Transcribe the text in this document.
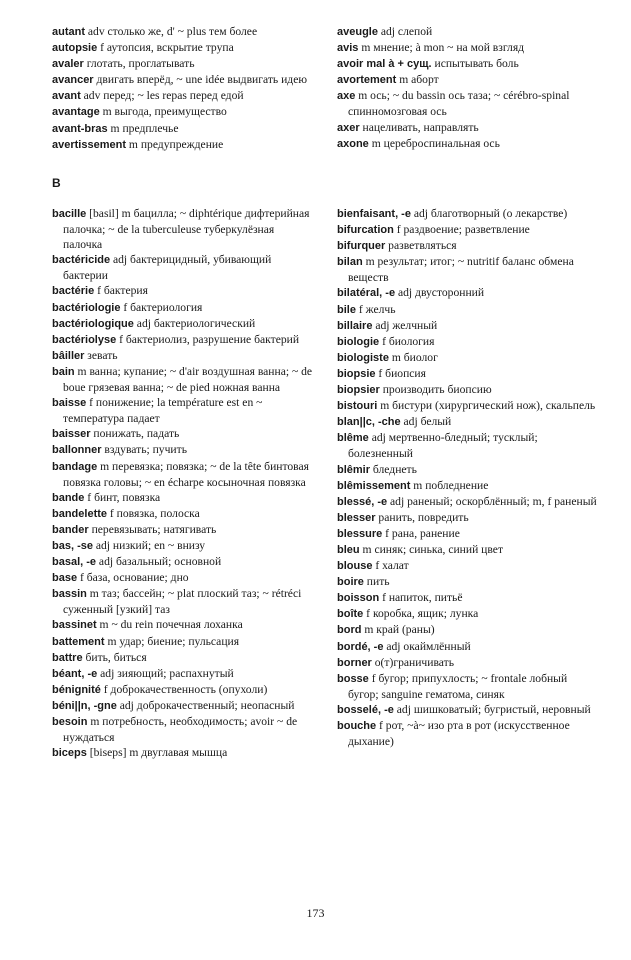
autant adv столько же, d' ~ plus тем более

autopsie f аутопсия, вскрытие трупа

avaler глотать, проглатывать

avancer двигать вперёд, ~ une idée выдвигать идею

avant adv перед; ~ les repas перед едой

avantage m выгода, преимущество

avant-bras m предплечье

avertissement m предупреждение

aveugle adj слепой

avis m мнение; à mon ~ на мой взгляд

avoir mal à + сущ. испытывать боль

avortement m аборт

axe m ось; ~ du bassin ось таза; ~ cérébro-spinal спинномозговая ось

axer нацеливать, направлять

axone m цереброспинальная ось

B

bacille [basil] m бацилла; ~ diphtérique дифтерийная палочка; ~ de la tuberculeuse туберкулёзная палочка

bactéricide adj бактерицидный, убивающий бактерии

bactérie f бактерия

bactériologie f бактериология

bactériologique adj бактериологический

bactériolyse f бактериолиз, разрушение бактерий

bâiller зевать

bain m ванна; купание; ~ d'air воздушная ванна; ~ de boue грязевая ванна; ~ de pied ножная ванна

baisse f понижение; la température est en ~ температура падает

baisser понижать, падать

ballonner вздувать; пучить

bandage m перевязка; повязка; ~ de la tête бинтовая повязка головы; ~ en écharpe косыночная повязка

bande f бинт, повязка

bandelette f повязка, полоска

bander перевязывать; натягивать

bas, -se adj низкий; en ~ внизу

basal, -e adj базальный; основной

base f база, основание; дно

bassin m таз; бассейн; ~ plat плоский таз; ~ rétréci суженный [узкий] таз

bassinet m ~ du rein почечная лоханка

battement m удар; биение; пульсация

battre бить, биться

béant, -e adj зияющий; распахнутый

bénignité f доброкачественность (опухоли)

béni||n, -gne adj доброкачественный; неопасный

besoin m потребность, необходимость; avoir ~ de нуждаться

biceps [biseps] m двуглавая мышца

bienfaisant, -e adj благотворный (о лекарстве)

bifurcation f раздвоение; разветвление

bifurquer разветвляться

bilan m результат; итог; ~ nutritif баланс обмена веществ

bilatéral, -e adj двусторонний

bile f желчь

billaire adj желчный

biologie f биология

biologiste m биолог

biopsie f биопсия

biopsier производить биопсию

bistouri m бистури (хирургический нож), скальпель

blan||c, -che adj белый

blême adj мертвенно-бледный; тусклый; болезненный

blêmir бледнеть

blêmissement m побледнение

blessé, -e adj раненый; оскорблённый; m, f раненый

blesser ранить, повредить

blessure f рана, ранение

bleu m синяк; синька, синий цвет

blouse f халат

boire пить

boisson f напиток, питьё

boîte f коробка, ящик; лунка

bord m край (раны)

bordé, -e adj окаймлённый

borner о(т)граничивать

bosse f бугор; припухлость; ~ frontale лобный бугор; sanguine гематома, синяк

bosselé, -e adj шишковатый; бугристый, неровный

bouche f рот, ~à~ изо рта в рот (искусственное дыхание)

173
